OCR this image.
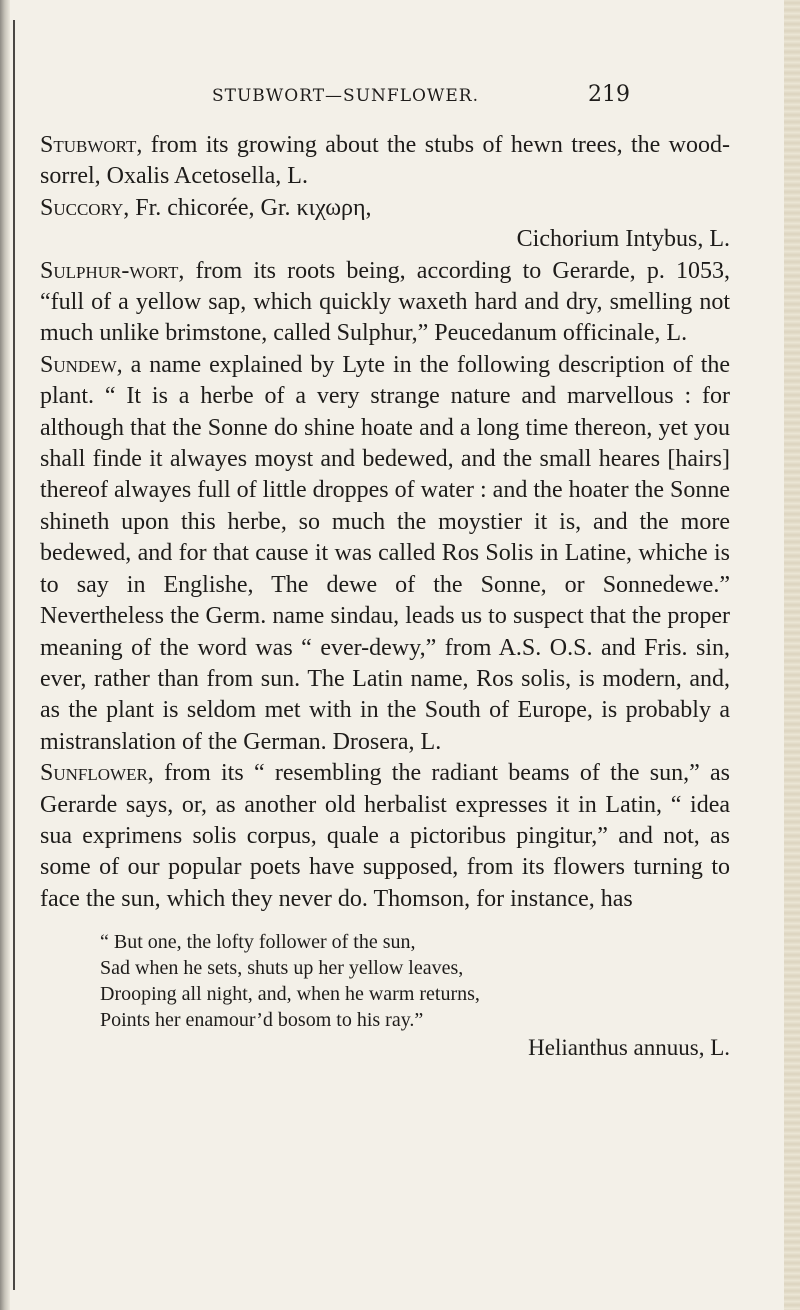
STUBWORT—SUNFLOWER.	219
Stubwort, from its growing about the stubs of hewn trees, the wood-sorrel, Oxalis Acetosella, L.
Succory, Fr. chicorée, Gr. κιχωρη,
Cichorium Intybus, L.
Sulphur-wort, from its roots being, according to Gerarde, p. 1053, “full of a yellow sap, which quickly waxeth hard and dry, smelling not much unlike brimstone, called Sulphur,” Peucedanum officinale, L.
Sundew, a name explained by Lyte in the following description of the plant. “ It is a herbe of a very strange nature and marvellous : for although that the Sonne do shine hoate and a long time thereon, yet you shall finde it alwayes moyst and bedewed, and the small heares [hairs] thereof alwayes full of little droppes of water : and the hoater the Sonne shineth upon this herbe, so much the moystier it is, and the more bedewed, and for that cause it was called Ros Solis in Latine, whiche is to say in Englishe, The dewe of the Sonne, or Sonnedewe.” Nevertheless the Germ. name sindau, leads us to suspect that the proper meaning of the word was “ ever-dewy,” from A.S. O.S. and Fris. sin, ever, rather than from sun. The Latin name, Ros solis, is modern, and, as the plant is seldom met with in the South of Europe, is probably a mistranslation of the German. Drosera, L.
Sunflower, from its “ resembling the radiant beams of the sun,” as Gerarde says, or, as another old herbalist expresses it in Latin, “ idea sua exprimens solis corpus, quale a pictoribus pingitur,” and not, as some of our popular poets have supposed, from its flowers turning to face the sun, which they never do. Thomson, for instance, has
“ But one, the lofty follower of the sun,
Sad when he sets, shuts up her yellow leaves,
Drooping all night, and, when he warm returns,
Points her enamour’d bosom to his ray.”
Helianthus annuus, L.
